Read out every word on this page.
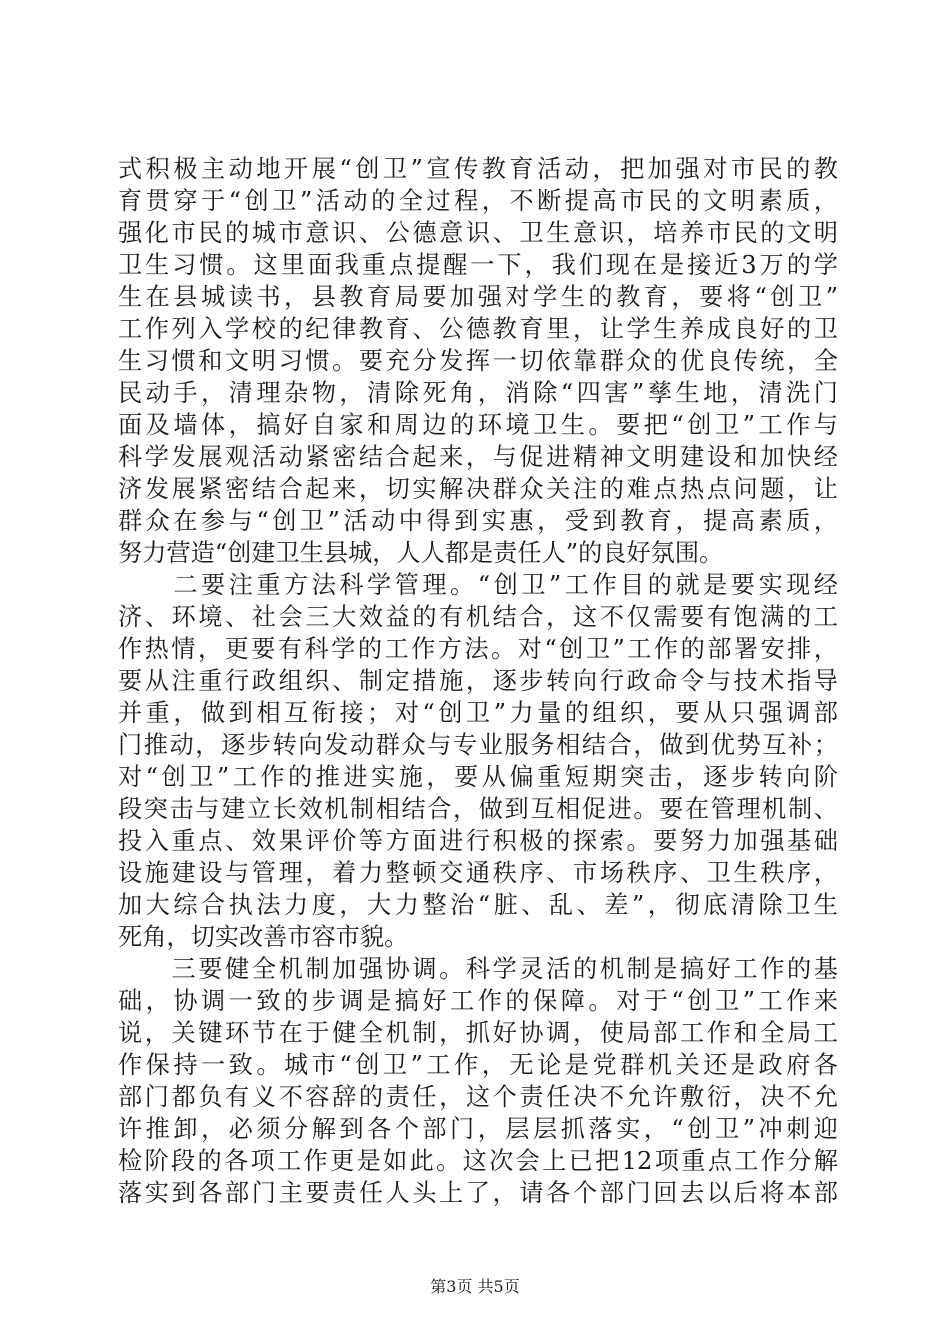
式积极主动地开展“创卫”宣传教育活动，把加强对市民的教
育贯穿于“创卫”活动的全过程，不断提高市民的文明素质，
强化市民的城市意识、公德意识、卫生意识，培养市民的文明
卫生习惯。这里面我重点提醒一下，我们现在是接近3万的学
生在县城读书，县教育局要加强对学生的教育，要将“创卫”
工作列入学校的纪律教育、公德教育里，让学生养成良好的卫
生习惯和文明习惯。要充分发挥一切依靠群众的优良传统，全
民动手，清理杂物，清除死角，消除“四害”孳生地，清洗门
面及墙体，搞好自家和周边的环境卫生。要把“创卫”工作与
科学发展观活动紧密结合起来，与促进精神文明建设和加快经
济发展紧密结合起来，切实解决群众关注的难点热点问题，让
群众在参与“创卫”活动中得到实惠，受到教育，提高素质，
努力营造“创建卫生县城，人人都是责任人”的良好氛围。
　　二要注重方法科学管理。“创卫”工作目的就是要实现经
济、环境、社会三大效益的有机结合，这不仅需要有饱满的工
作热情，更要有科学的工作方法。对“创卫”工作的部署安排，
要从注重行政组织、制定措施，逐步转向行政命令与技术指导
并重，做到相互衔接；对“创卫”力量的组织，要从只强调部
门推动，逐步转向发动群众与专业服务相结合，做到优势互补；
对“创卫”工作的推进实施，要从偏重短期突击，逐步转向阶
段突击与建立长效机制相结合，做到互相促进。要在管理机制、
投入重点、效果评价等方面进行积极的探索。要努力加强基础
设施建设与管理，着力整顿交通秩序、市场秩序、卫生秩序，
加大综合执法力度，大力整治“脏、乱、差”，彻底清除卫生
死角，切实改善市容市貌。
　　三要健全机制加强协调。科学灵活的机制是搞好工作的基
础，协调一致的步调是搞好工作的保障。对于“创卫”工作来
说，关键环节在于健全机制，抓好协调，使局部工作和全局工
作保持一致。城市“创卫”工作，无论是党群机关还是政府各
部门都负有义不容辞的责任，这个责任决不允许敷衍，决不允
许推卸，必须分解到各个部门，层层抓落实，“创卫”冲刺迎
检阶段的各项工作更是如此。这次会上已把12项重点工作分解
落实到各部门主要责任人头上了，请各个部门回去以后将本部
第3页 共5页
